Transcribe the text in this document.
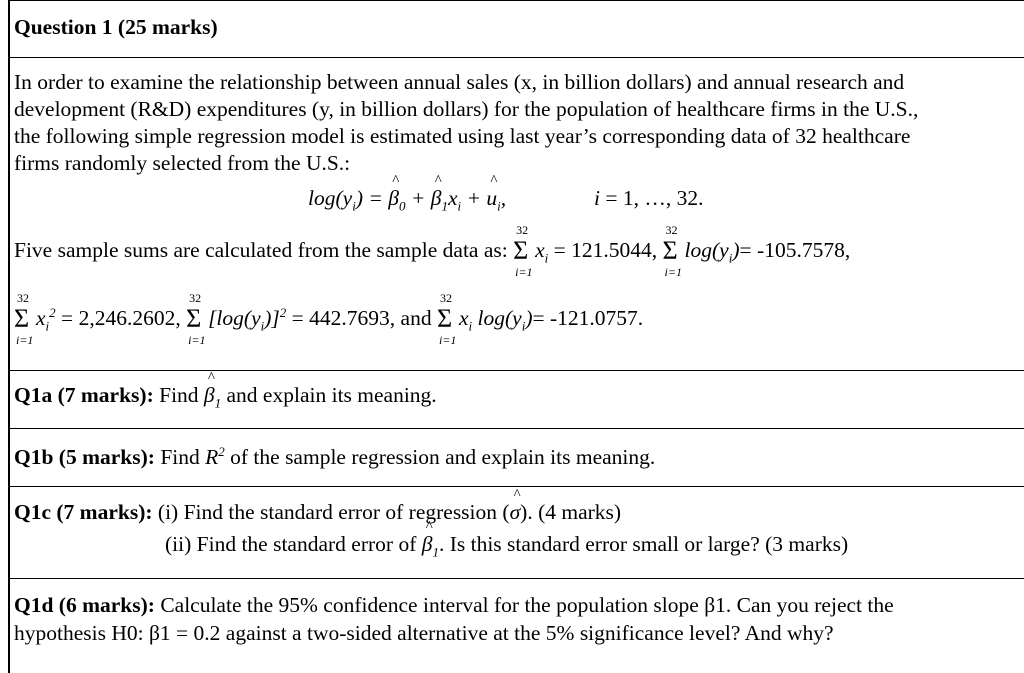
Question 1 (25 marks)
In order to examine the relationship between annual sales (x, in billion dollars) and annual research and
development (R&D) expenditures (y, in billion dollars) for the population of healthcare firms in the U.S.,
the following simple regression model is estimated using last year’s corresponding data of 32 healthcare
firms randomly selected from the U.S.:
$\log(y_i)$ = ^ $\beta_0$ + ^ $\beta_1x_i$ + ^ $u_i$,	i = 1, …, 32.
Five sample sums are calculated from the sample data as:
32
Σ
i=1
$x_i = 121.5044$,
32
Σ
i=1
$\log(y_i)= -105.7578$,
32
Σ
i=1
$x_i^2 = 2,246.2602$,
32
Σ
i=1
$[\log(y_i)]^2 = 442.7693$, and
32
Σ
i=1
$x_i$ $\log(y_i)= -121.0757$.
Q1a (7 marks): Find ^ $\beta_1$ and explain its meaning.
Q1b (5 marks): Find $R^2$ of the sample regression and explain its meaning.
Q1c (7 marks): (i) Find the standard error of regression (^ σ). (4 marks)
(ii) Find the standard error of ^ $\beta_1$. Is this standard error small or large? (3 marks)
Q1d (6 marks): Calculate the 95% confidence interval for the population slope β1. Can you reject the
hypothesis H0: β1 = 0.2 against a two-sided alternative at the 5% significance level? And why?
